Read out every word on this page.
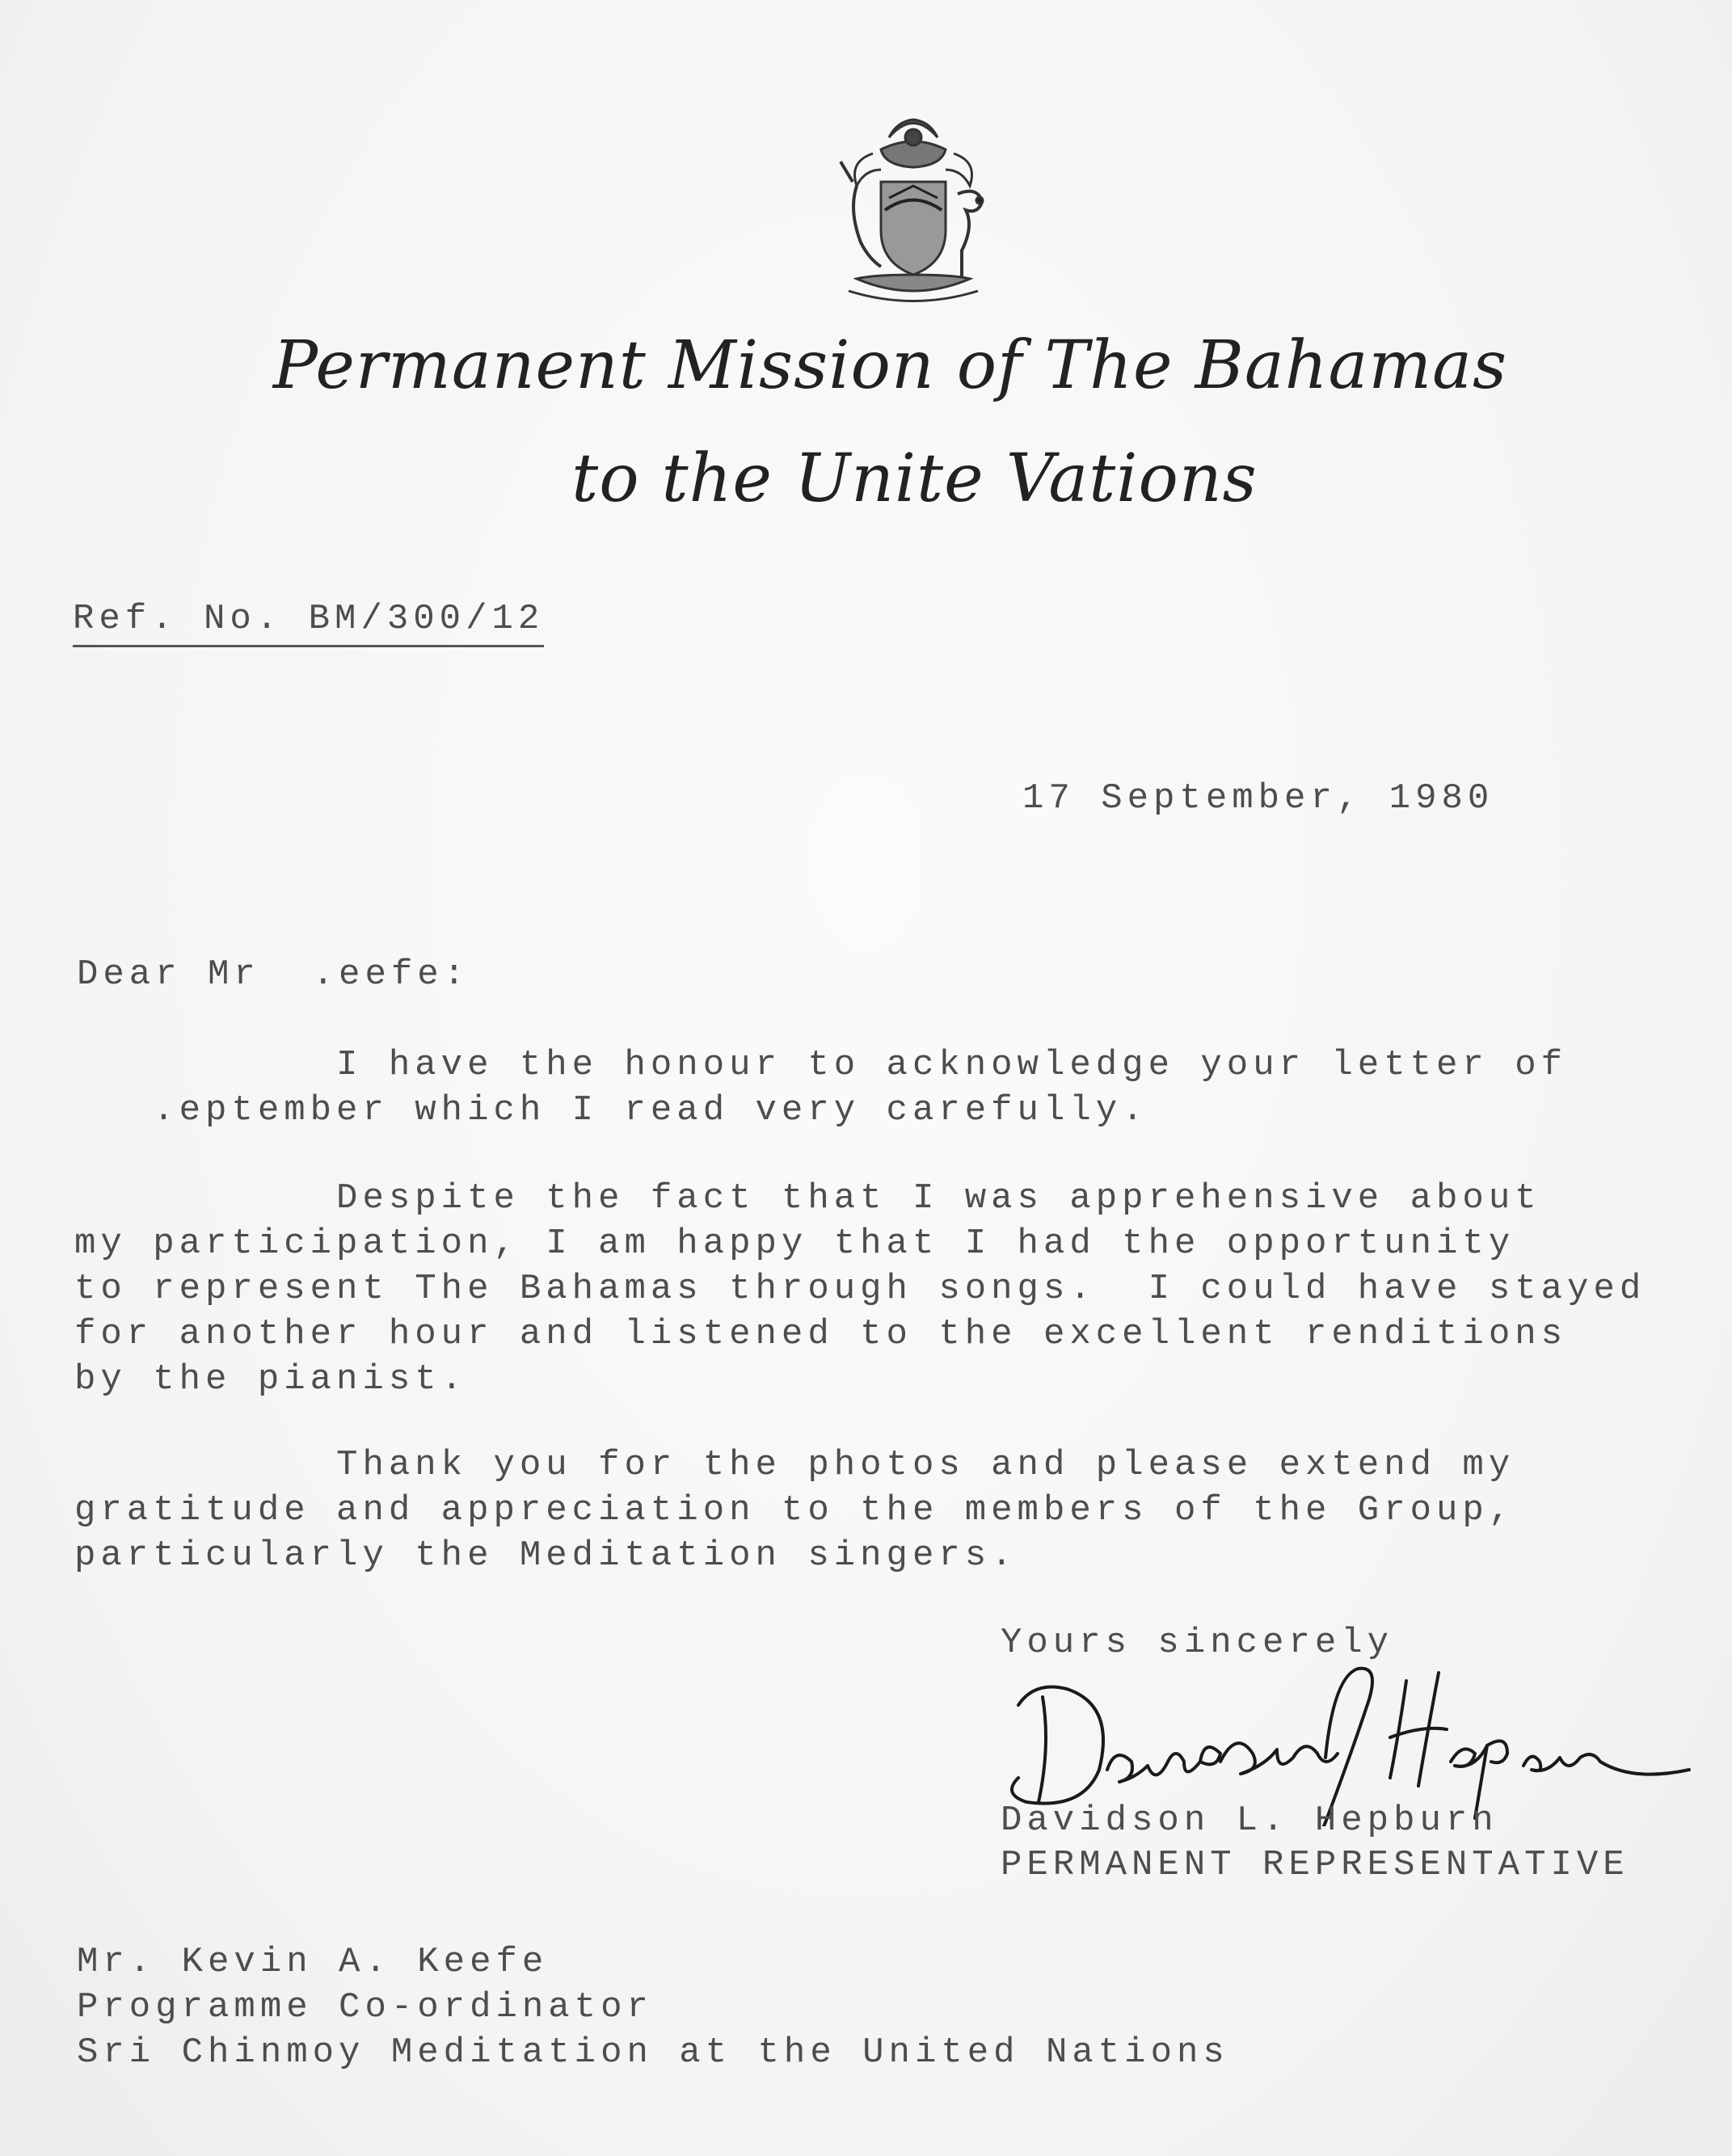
Permanent Mission of The Bahamas
to the Unite Vations
Ref. No. BM/300/12
17 September, 1980
Dear Mr  .eefe:
I have the honour to acknowledge your letter of
.eptember which I read very carefully.
Despite the fact that I was apprehensive about
my participation, I am happy that I had the opportunity
to represent The Bahamas through songs.  I could have stayed
for another hour and listened to the excellent renditions
by the pianist.
Thank you for the photos and please extend my
gratitude and appreciation to the members of the Group,
particularly the Meditation singers.
Yours sincerely
Davidson L. Hepburn
PERMANENT REPRESENTATIVE
Mr. Kevin A. Keefe
Programme Co-ordinator
Sri Chinmoy Meditation at the United Nations
